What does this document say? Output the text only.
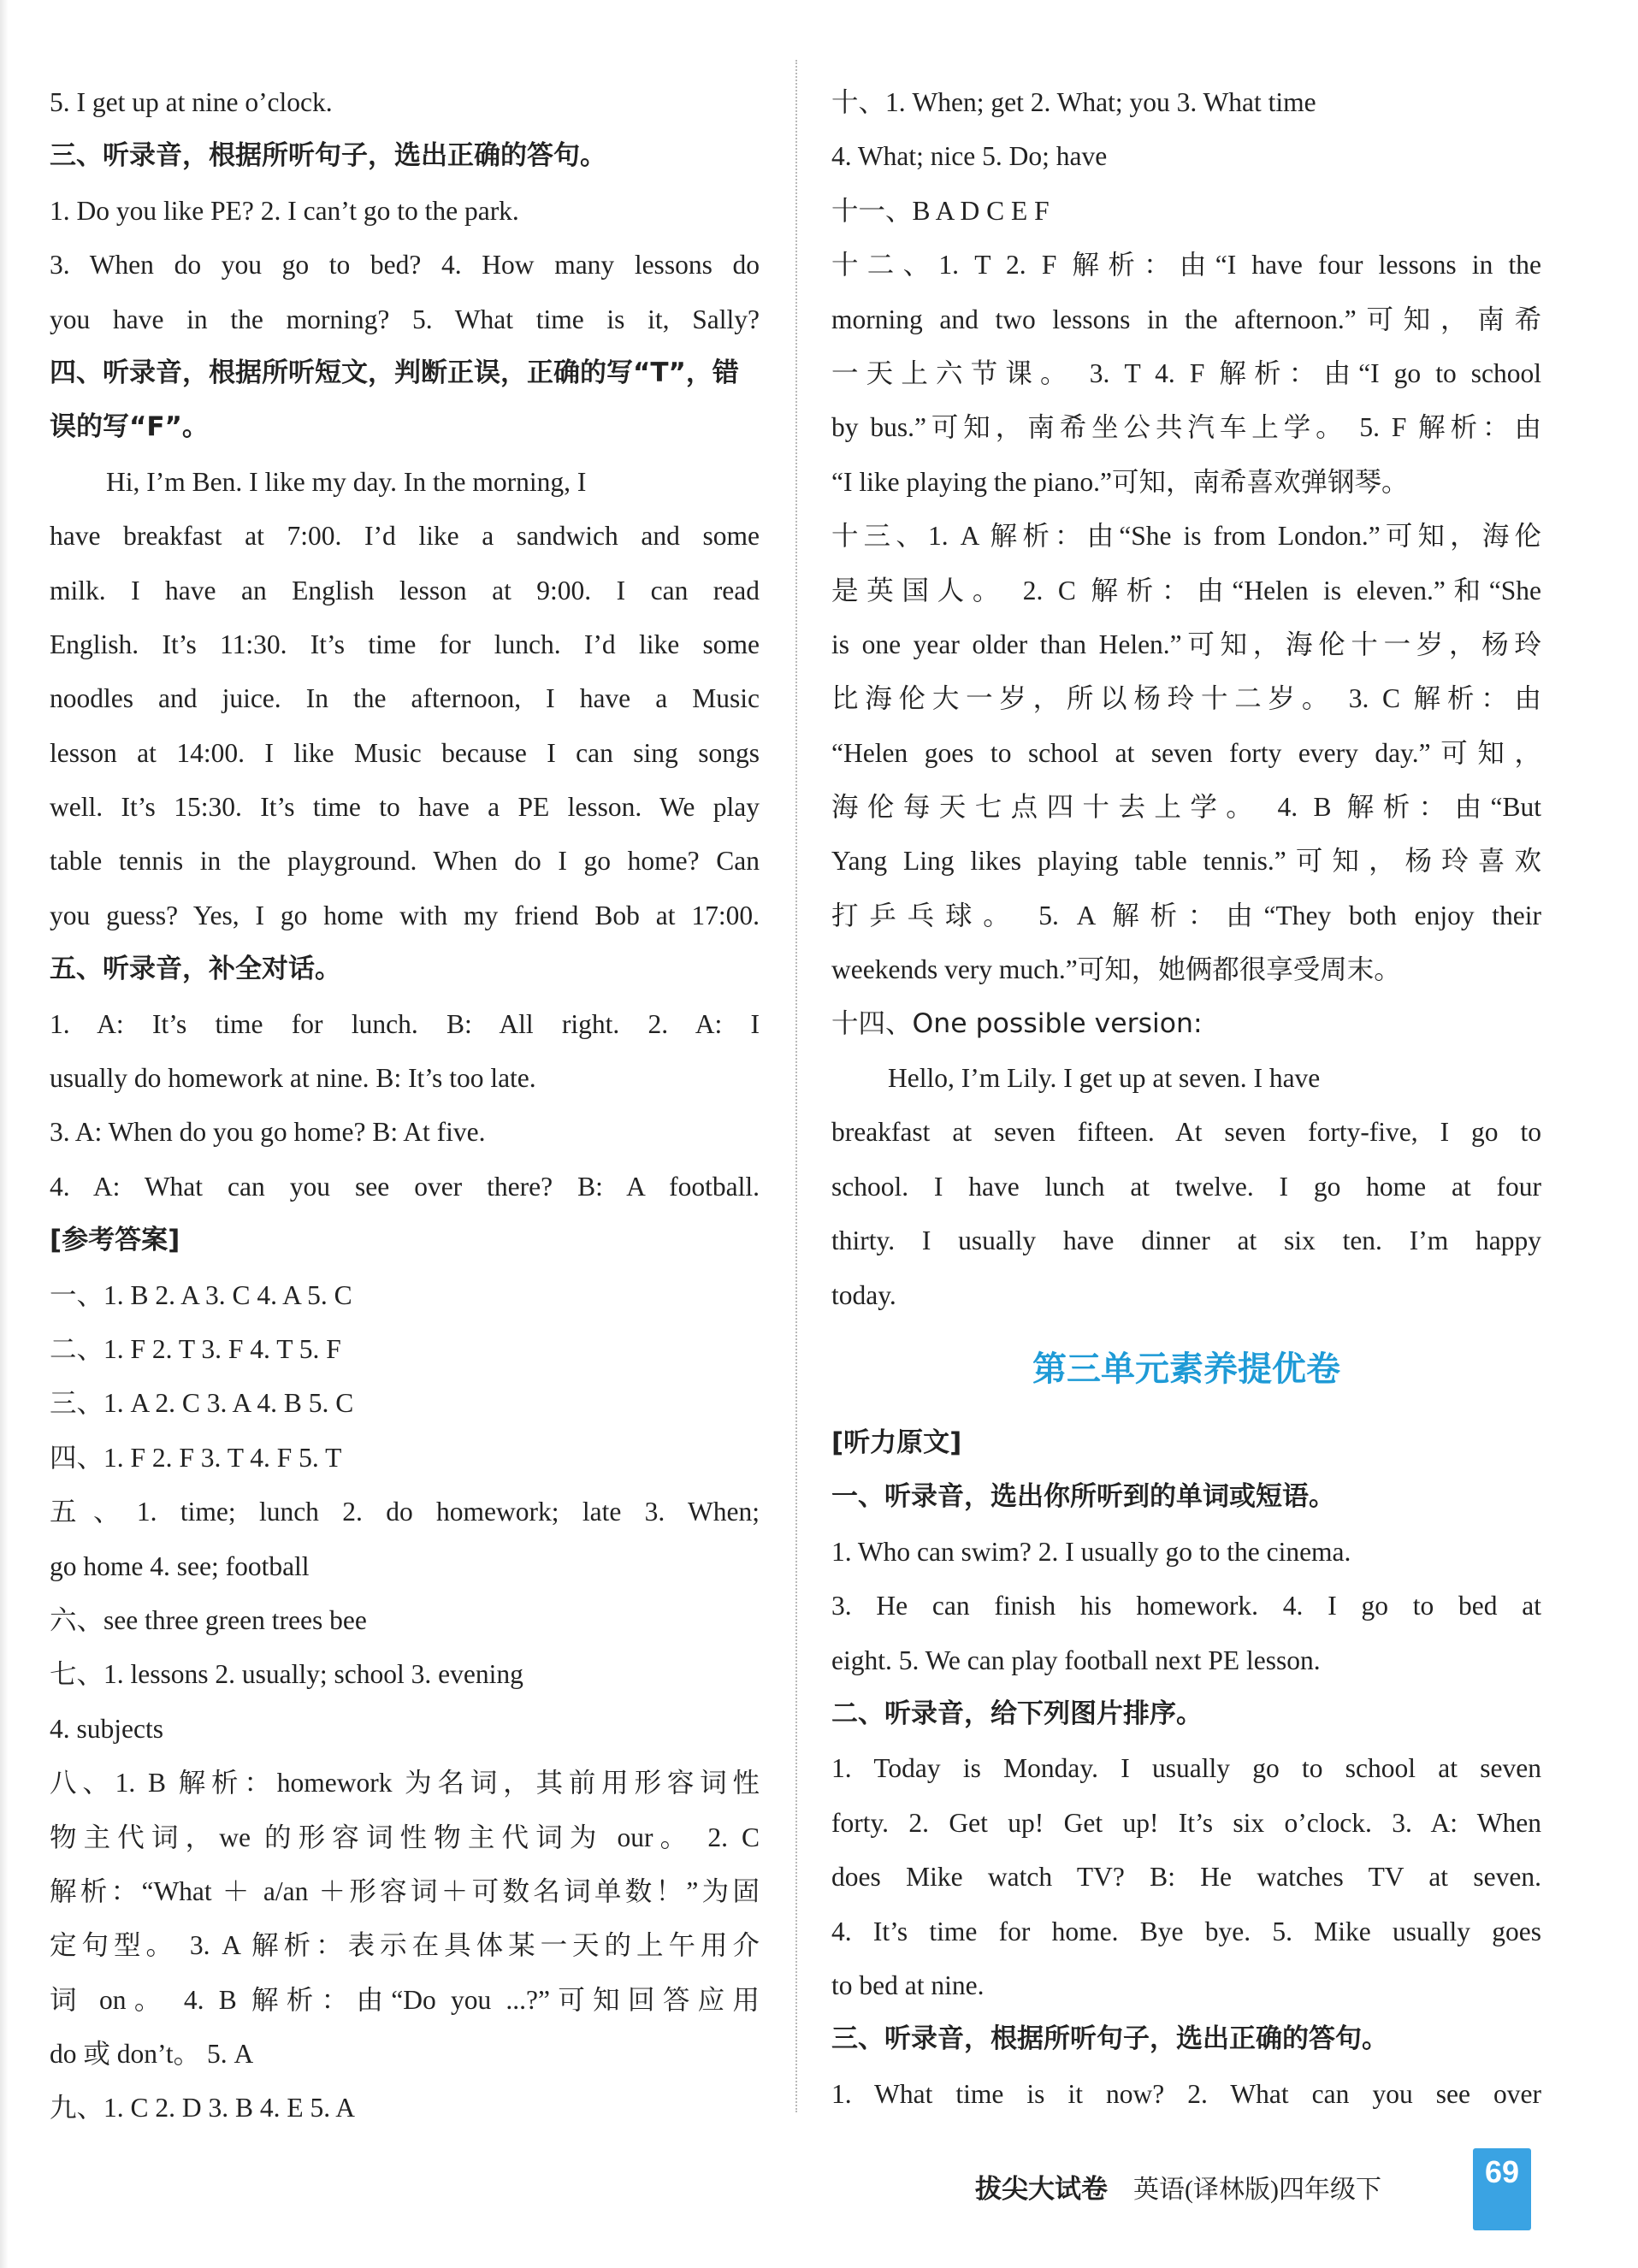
5. I get up at nine o’clock.
三、听录音，根据所听句子，选出正确的答句。
1. Do you like PE? 2. I can’t go to the park.
3. When do you go to bed? 4. How many lessons do
you have in the morning? 5. What time is it, Sally?
四、听录音，根据所听短文，判断正误，正确的写“T”，错
误的写“F”。
Hi, I’m Ben. I like my day. In the morning, I
have breakfast at 7:00. I’d like a sandwich and some
milk. I have an English lesson at 9:00. I can read
English. It’s 11:30. It’s time for lunch. I’d like some
noodles and juice. In the afternoon, I have a Music
lesson at 14:00. I like Music because I can sing songs
well. It’s 15:30. It’s time to have a PE lesson. We play
table tennis in the playground. When do I go home? Can
you guess? Yes, I go home with my friend Bob at 17:00.
五、听录音，补全对话。
1. A: It’s time for lunch. B: All right. 2. A: I
usually do homework at nine. B: It’s too late.
3. A: When do you go home? B: At five.
4. A: What can you see over there? B: A football.
[参考答案]
一、1. B 2. A 3. C 4. A 5. C
二、1. F 2. T 3. F 4. T 5. F
三、1. A 2. C 3. A 4. B 5. C
四、1. F 2. F 3. T 4. F 5. T
五、1. time; lunch 2. do homework; late 3. When;
go home 4. see; football
六、see three green trees bee
七、1. lessons 2. usually; school 3. evening
4. subjects
八、1. B 解析：homework 为名词，其前用形容词性
物主代词，we 的形容词性物主代词为 our。 2. C
解析：“What ＋ a/an ＋形容词＋可数名词单数！”为固
定句型。 3. A 解析：表示在具体某一天的上午用介
词 on。 4. B 解析：由“Do you ...?”可知回答应用
do 或 don’t。 5. A
九、1. C 2. D 3. B 4. E 5. A
十、1. When; get 2. What; you 3. What time
4. What; nice 5. Do; have
十一、B A D C E F
十二、1. T 2. F 解析：由“I have four lessons in the
morning and two lessons in the afternoon.”可知，南希
一天上六节课。 3. T 4. F 解析：由“I go to school
by bus.”可知，南希坐公共汽车上学。 5. F 解析：由
“I like playing the piano.”可知，南希喜欢弹钢琴。
十三、1. A 解析：由“She is from London.”可知，海伦
是英国人。 2. C 解析：由“Helen is eleven.”和“She
is one year older than Helen.”可知，海伦十一岁，杨玲
比海伦大一岁，所以杨玲十二岁。 3. C 解析：由
“Helen goes to school at seven forty every day.”可知，
海伦每天七点四十去上学。 4. B 解析：由“But
Yang Ling likes playing table tennis.”可知，杨玲喜欢
打乒乓球。 5. A 解析：由“They both enjoy their
weekends very much.”可知，她俩都很享受周末。
十四、One possible version:
Hello, I’m Lily. I get up at seven. I have
breakfast at seven fifteen. At seven forty-five, I go to
school. I have lunch at twelve. I go home at four
thirty. I usually have dinner at six ten. I’m happy
today.
第三单元素养提优卷
[听力原文]
一、听录音，选出你所听到的单词或短语。
1. Who can swim? 2. I usually go to the cinema.
3. He can finish his homework. 4. I go to bed at
eight. 5. We can play football next PE lesson.
二、听录音，给下列图片排序。
1. Today is Monday. I usually go to school at seven
forty. 2. Get up! Get up! It’s six o’clock. 3. A: When
does Mike watch TV? B: He watches TV at seven.
4. It’s time for home. Bye bye. 5. Mike usually goes
to bed at nine.
三、听录音，根据所听句子，选出正确的答句。
1. What time is it now? 2. What can you see over
拔尖大试卷 英语(译林版)四年级下
69
